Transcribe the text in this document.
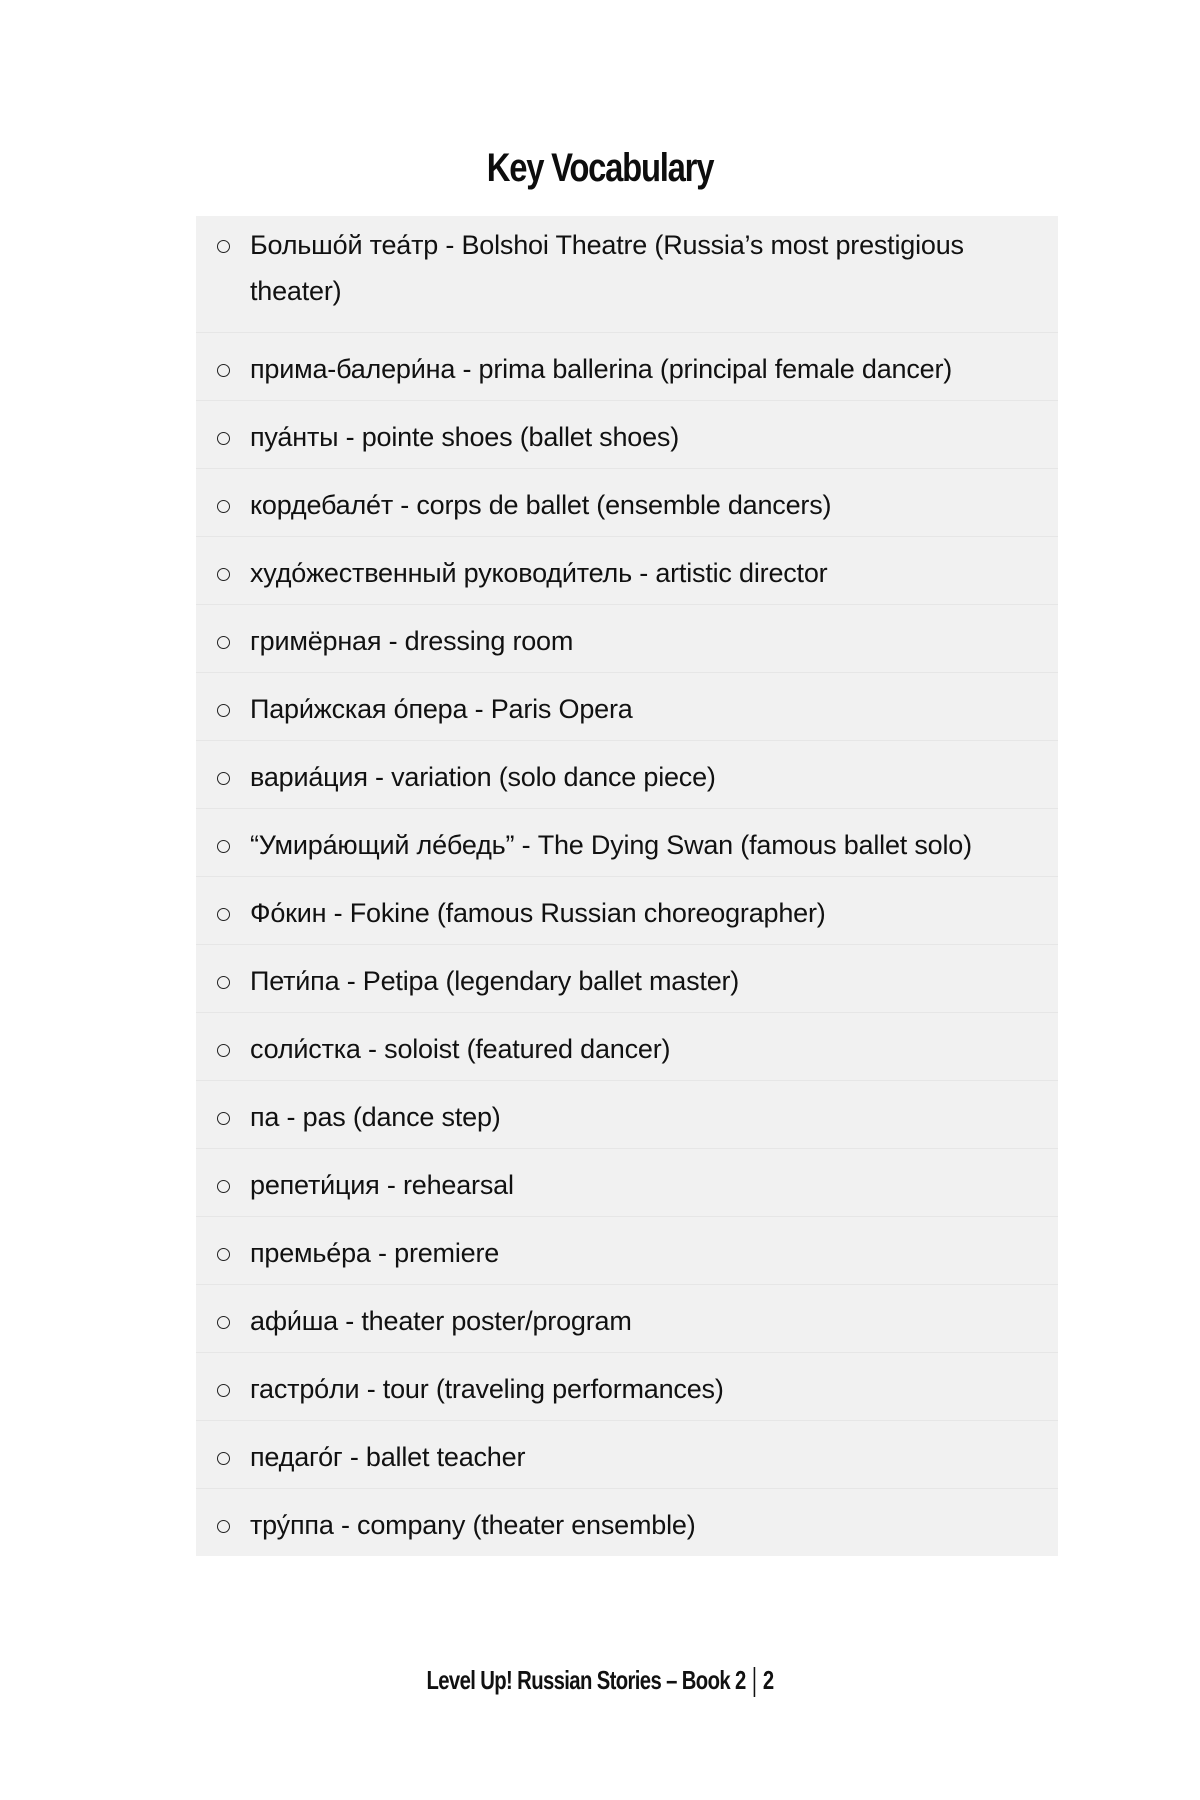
Key Vocabulary
Большо́й теа́тр - Bolshoi Theatre (Russia’s most prestigious theater)
прима-балери́на - prima ballerina (principal female dancer)
пуа́нты - pointe shoes (ballet shoes)
кордебале́т - corps de ballet (ensemble dancers)
худо́жественный руководи́тель - artistic director
гримёрная - dressing room
Пари́жская о́пера - Paris Opera
вариа́ция - variation (solo dance piece)
“Умира́ющий ле́бедь” - The Dying Swan (famous ballet solo)
Фо́кин - Fokine (famous Russian choreographer)
Пети́па - Petipa (legendary ballet master)
соли́стка - soloist (featured dancer)
па - pas (dance step)
репети́ция - rehearsal
премье́ра - premiere
афи́ша - theater poster/program
гастро́ли - tour (traveling performances)
педаго́г - ballet teacher
тру́ппа - company (theater ensemble)
Level Up! Russian Stories – Book 2 2
